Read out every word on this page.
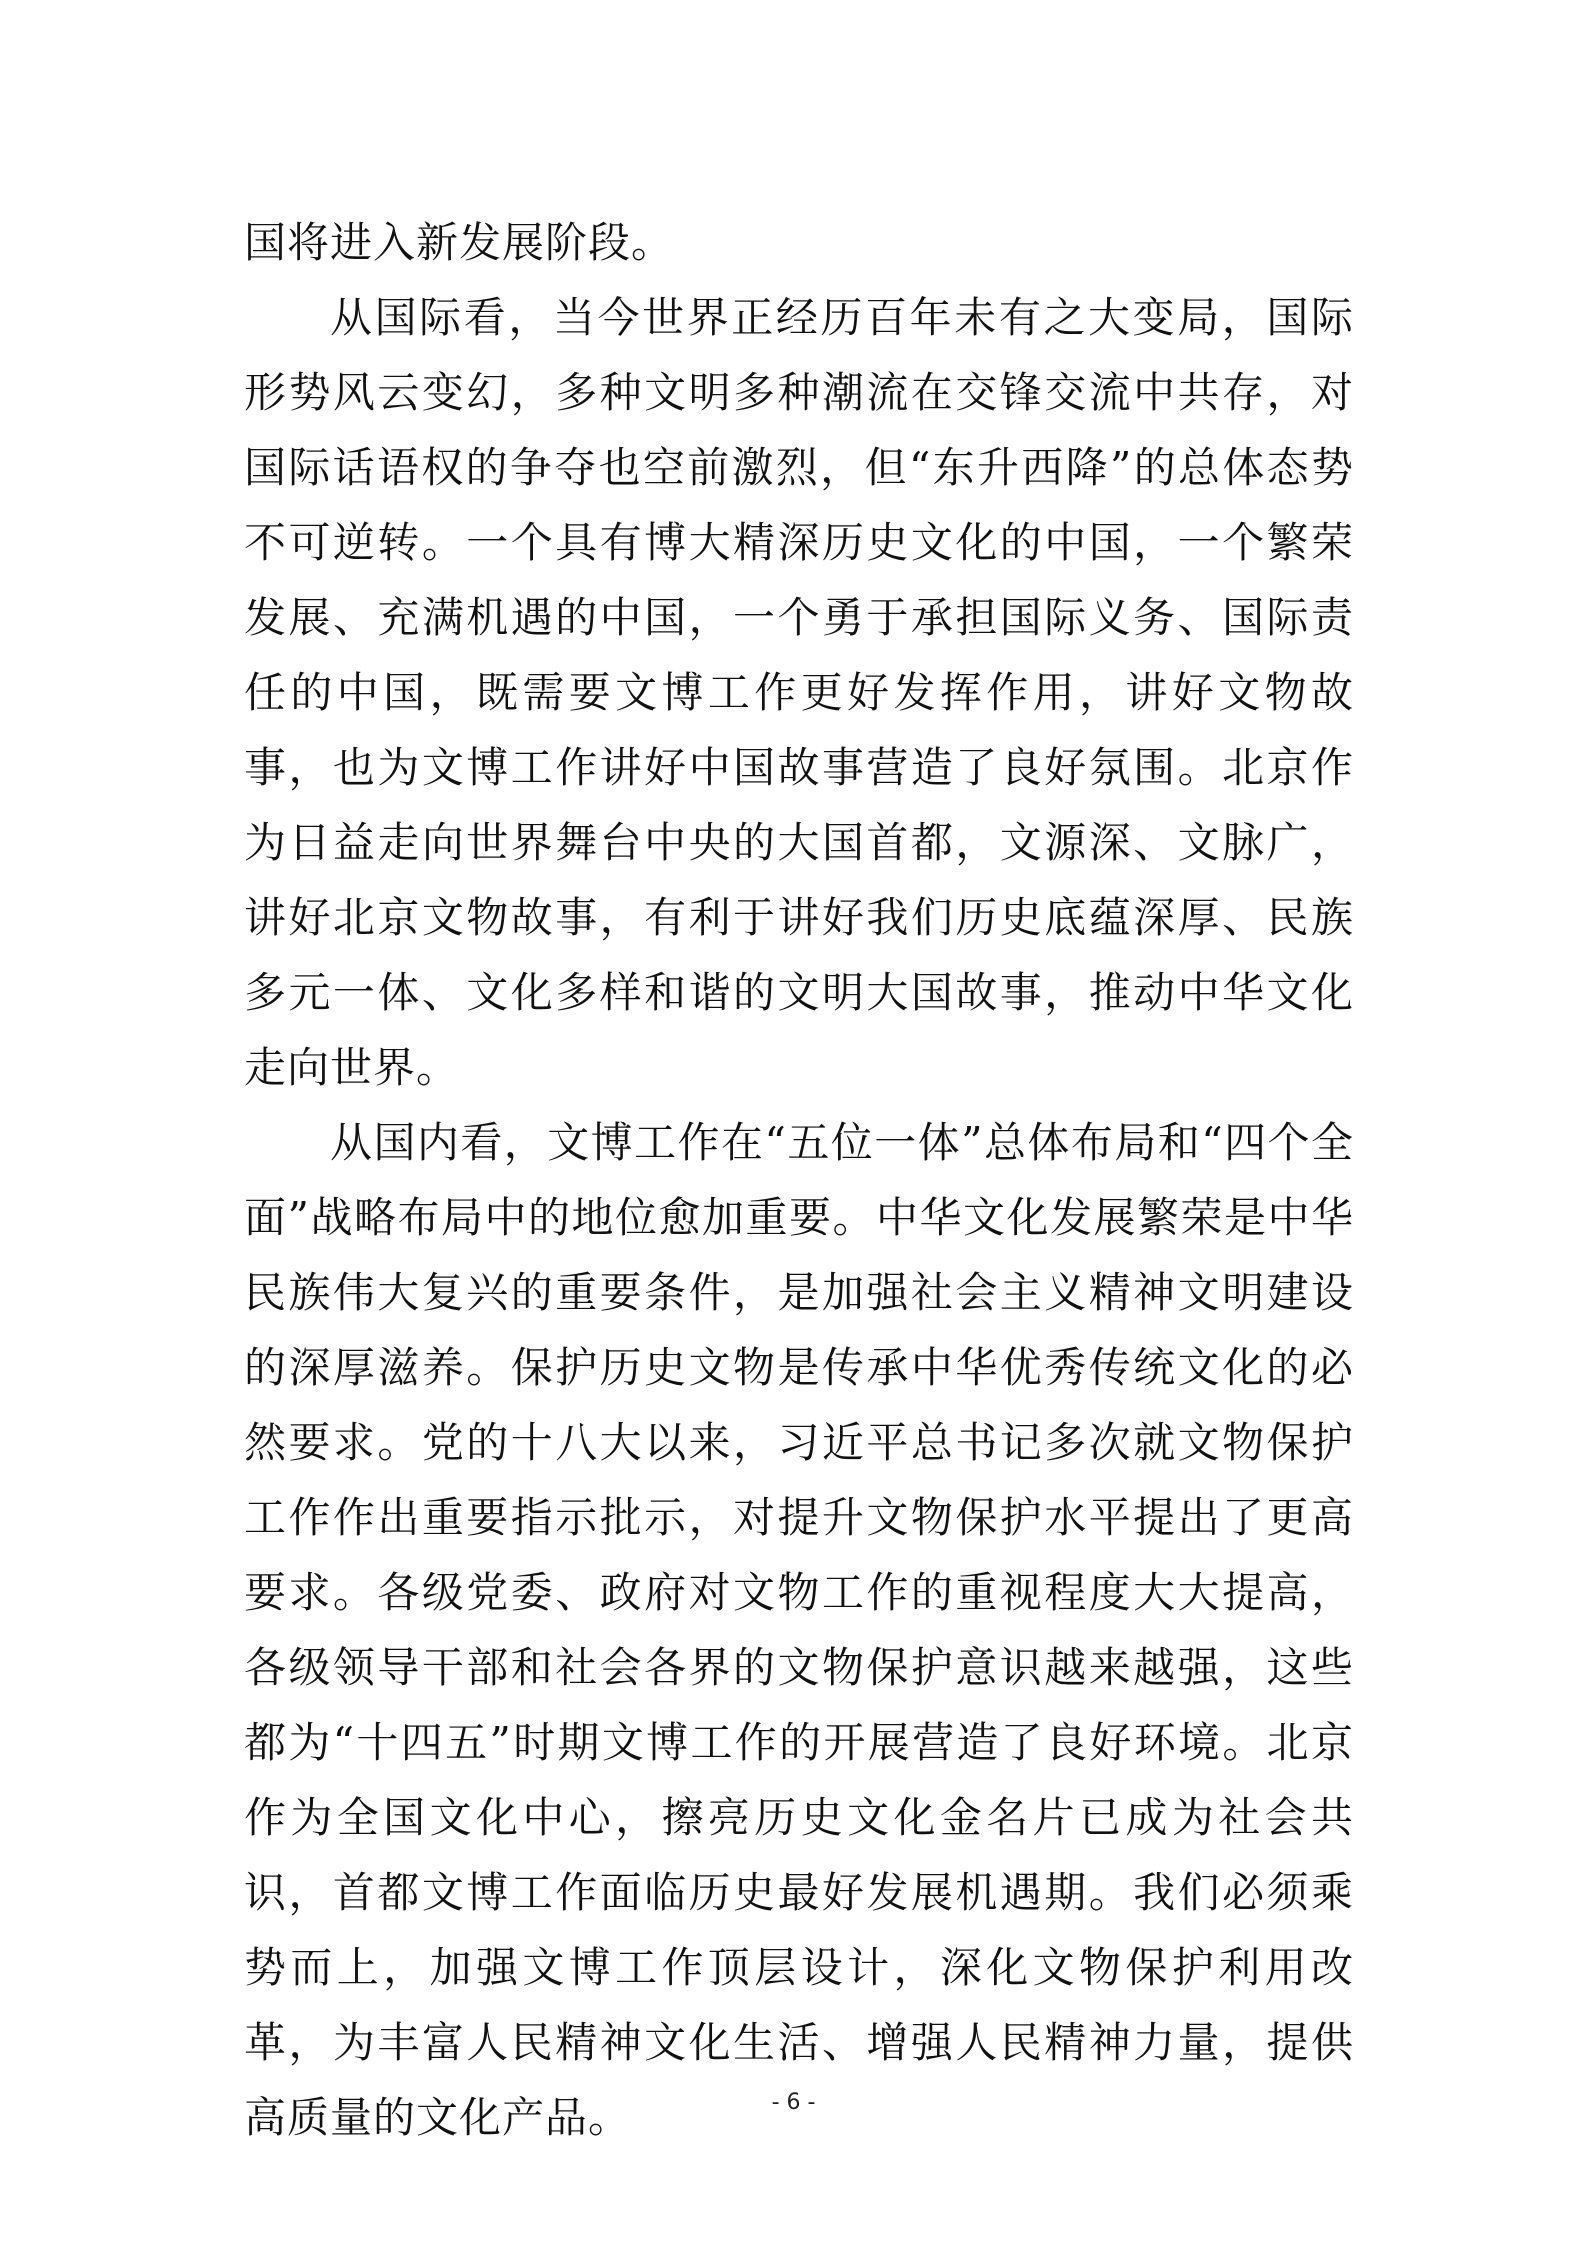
国将进入新发展阶段。

从国际看，当今世界正经历百年未有之大变局，国际形势风云变幻，多种文明多种潮流在交锋交流中共存，对国际话语权的争夺也空前激烈，但“东升西降”的总体态势不可逆转。一个具有博大精深历史文化的中国，一个繁荣发展、充满机遇的中国，一个勇于承担国际义务、国际责任的中国，既需要文博工作更好发挥作用，讲好文物故事，也为文博工作讲好中国故事营造了良好氛围。北京作为日益走向世界舞台中央的大国首都，文源深、文脉广，讲好北京文物故事，有利于讲好我们历史底蕴深厚、民族多元一体、文化多样和谐的文明大国故事，推动中华文化走向世界。

从国内看，文博工作在“五位一体”总体布局和“四个全面”战略布局中的地位愈加重要。中华文化发展繁荣是中华民族伟大复兴的重要条件，是加强社会主义精神文明建设的深厚滋养。保护历史文物是传承中华优秀传统文化的必然要求。党的十八大以来，习近平总书记多次就文物保护工作作出重要指示批示，对提升文物保护水平提出了更高要求。各级党委、政府对文物工作的重视程度大大提高，各级领导干部和社会各界的文物保护意识越来越强，这些都为“十四五”时期文博工作的开展营造了良好环境。北京作为全国文化中心，擦亮历史文化金名片已成为社会共识，首都文博工作面临历史最好发展机遇期。我们必须乘势而上，加强文博工作顶层设计，深化文物保护利用改革，为丰富人民精神文化生活、增强人民精神力量，提供高质量的文化产品。	- 6 -
